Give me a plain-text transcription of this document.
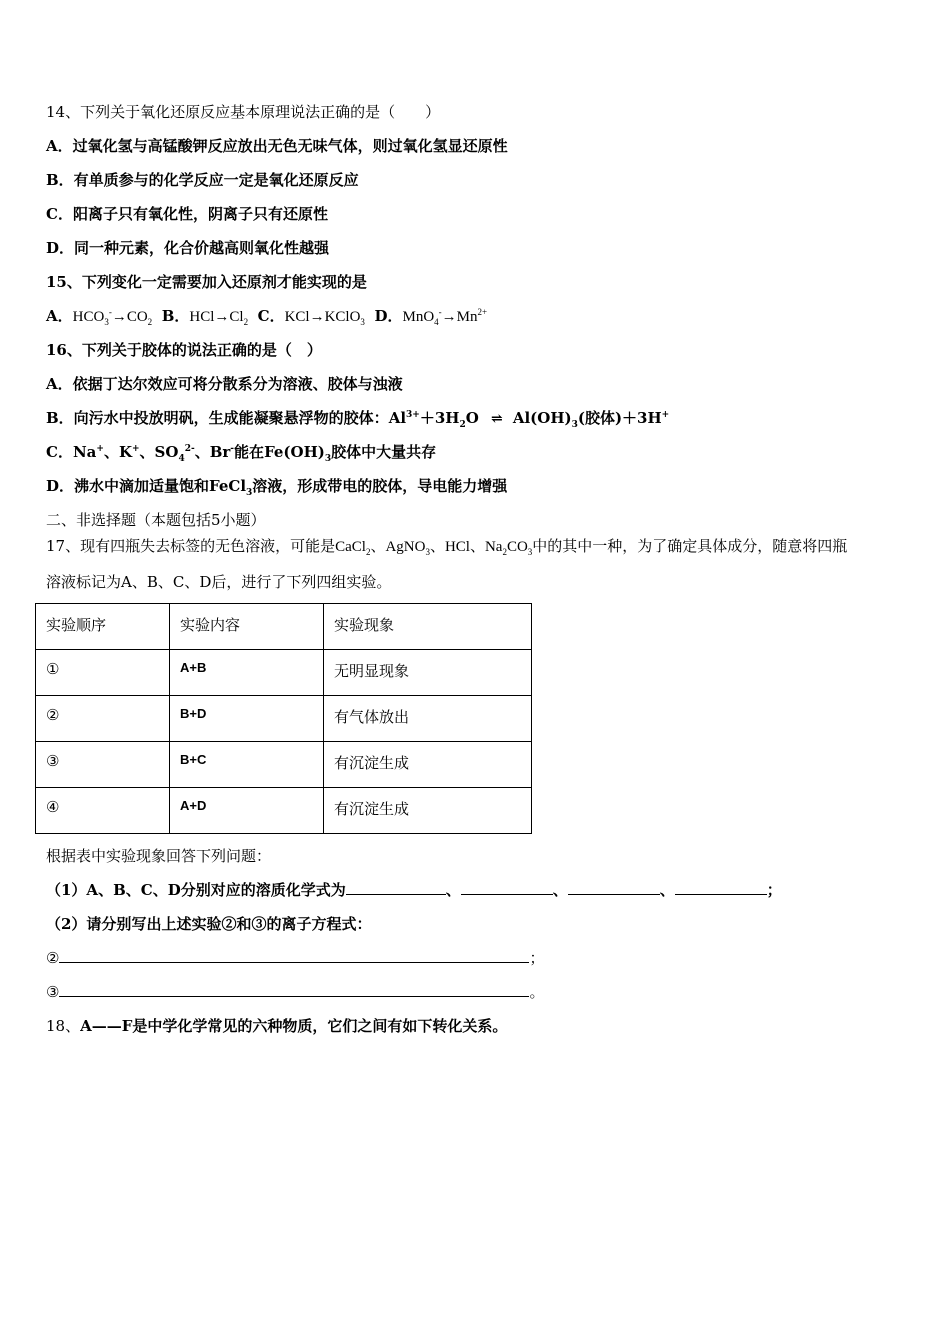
14、下列关于氧化还原反应基本原理说法正确的是（　　）
A．过氧化氢与高锰酸钾反应放出无色无味气体，则过氧化氢显还原性
B．有单质参与的化学反应一定是氧化还原反应
C．阳离子只有氧化性，阴离子只有还原性
D．同一种元素，化合价越高则氧化性越强
15、下列变化一定需要加入还原剂才能实现的是
A．$HCO_3^-\to CO_2$ B．$HCl\to Cl_2$ C．KCl→KClO$_3$ D．$MnO_4^-\to Mn^{2+}$
16、下列关于胶体的说法正确的是（　）
A．依据丁达尔效应可将分散系分为溶液、胶体与浊液
B．向污水中投放明矾，生成能凝聚悬浮物的胶体：$Al^{3+}+3H_2O$ ⇌ $Al(OH)_3$(胶体)＋3H+
C．Na+、K+、$SO_4^{2-}$、Br-能在$Fe(OH)_3$胶体中大量共存
D．沸水中滴加适量饱和FeCl$_3$溶液，形成带电的胶体，导电能力增强
二、非选择题（本题包括5小题）
17、现有四瓶失去标签的无色溶液，可能是CaCl$_2$、AgNO$_3$、HCl、$Na_2CO_3$中的其中一种，为了确定具体成分，随意将四瓶
溶液标记为A、B、C、D后，进行了下列四组实验。
实验顺序	实验内容	实验现象
①	A+B	无明显现象
②	B+D	有气体放出
③	B+C	有沉淀生成
④	A+D	有沉淀生成
根据表中实验现象回答下列问题：
（1）A、B、C、D分别对应的溶质化学式为	、	、	、	；
（2）请分别写出上述实验②和③的离子方程式：
②	；
③	。
18、A——F是中学化学常见的六种物质，它们之间有如下转化关系。
